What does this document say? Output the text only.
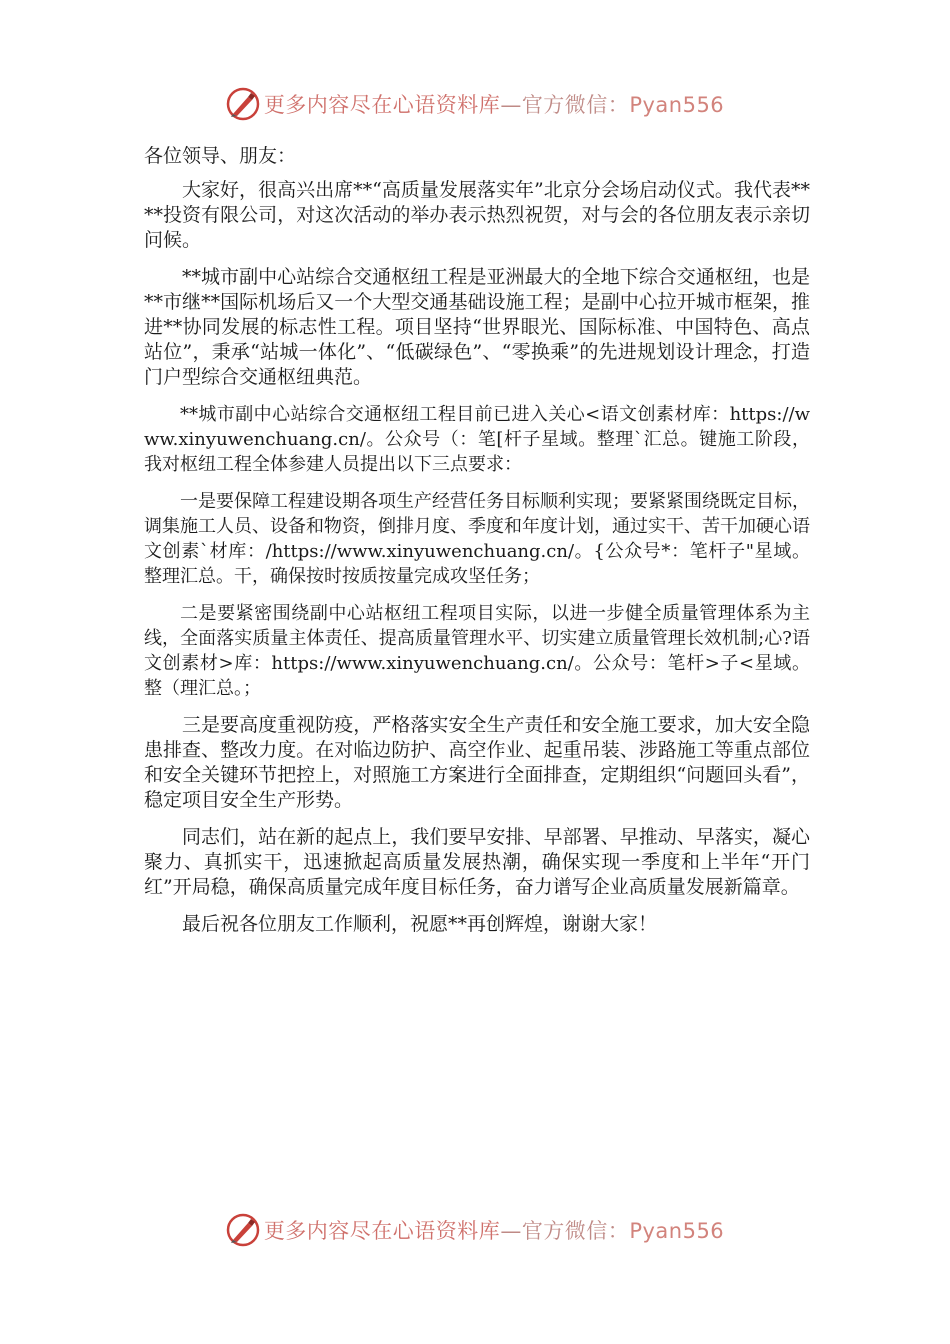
更多内容尽在心语资料库—官方微信：Pyan556

各位领导、朋友：

大家好，很高兴出席**“高质量发展落实年”北京分会场启动仪式。我代表****投资有限公司，对这次活动的举办表示热烈祝贺，对与会的各位朋友表示亲切问候。

**城市副中心站综合交通枢纽工程是亚洲最大的全地下综合交通枢纽，也是**市继**国际机场后又一个大型交通基础设施工程；是副中心拉开城市框架，推进**协同发展的标志性工程。项目坚持“世界眼光、国际标准、中国特色、高点站位”，秉承“站城一体化”、“低碳绿色”、“零换乘”的先进规划设计理念，打造门户型综合交通枢纽典范。

**城市副中心站综合交通枢纽工程目前已进入关心<语文创素材库：https://www.xinyuwenchuang.cn/。公众号（：笔[杆子星域。整理`汇总。键施工阶段，我对枢纽工程全体参建人员提出以下三点要求：

一是要保障工程建设期各项生产经营任务目标顺利实现；要紧紧围绕既定目标，调集施工人员、设备和物资，倒排月度、季度和年度计划，通过实干、苦干加硬心语文创素`材库：/https://www.xinyuwenchuang.cn/。{公众号*：笔杆子"星域。整理汇总。干，确保按时按质按量完成攻坚任务；

二是要紧密围绕副中心站枢纽工程项目实际，以进一步健全质量管理体系为主线，全面落实质量主体责任、提高质量管理水平、切实建立质量管理长效机制;心?语文创素材>库：https://www.xinyuwenchuang.cn/。公众号：笔杆>子<星域。整（理汇总。；

三是要高度重视防疫，严格落实安全生产责任和安全施工要求，加大安全隐患排查、整改力度。在对临边防护、高空作业、起重吊装、涉路施工等重点部位和安全关键环节把控上，对照施工方案进行全面排查，定期组织“问题回头看”，稳定项目安全生产形势。

同志们，站在新的起点上，我们要早安排、早部署、早推动、早落实，凝心聚力、真抓实干，迅速掀起高质量发展热潮，确保实现一季度和上半年“开门红”开局稳，确保高质量完成年度目标任务，奋力谱写企业高质量发展新篇章。

最后祝各位朋友工作顺利，祝愿**再创辉煌，谢谢大家！

更多内容尽在心语资料库—官方微信：Pyan556
